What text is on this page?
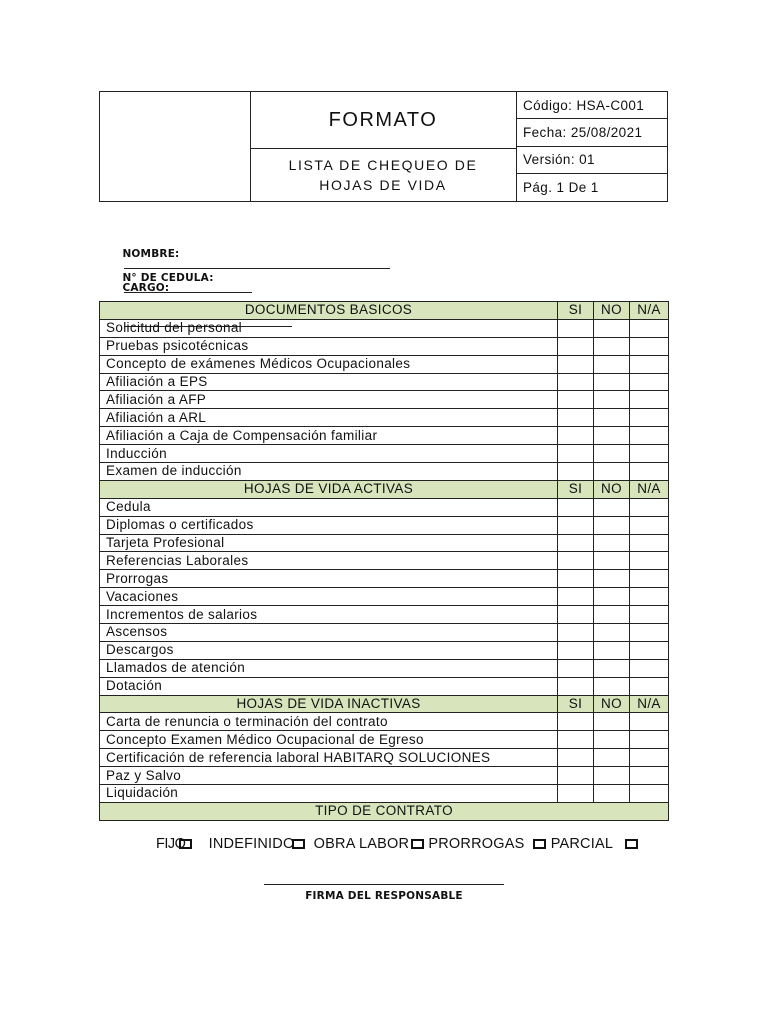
FORMATO
LISTA DE CHEQUEO DE
HOJAS DE VIDA
Código: HSA-C001
Fecha: 25/08/2021
Versión: 01
Pág. 1 De 1

NOMBRE:

N° DE CEDULA:

CARGO:

DOCUMENTOS BASICOS	SI	NO	N/A
Solicitud del personal			
Pruebas psicotécnicas			
Concepto de exámenes Médicos Ocupacionales			
Afiliación a EPS			
Afiliación a AFP			
Afiliación a ARL			
Afiliación a Caja de Compensación familiar			
Inducción			
Examen de inducción			
HOJAS DE VIDA ACTIVAS	SI	NO	N/A
Cedula			
Diplomas o certificados			
Tarjeta Profesional			
Referencias Laborales			
Prorrogas			
Vacaciones			
Incrementos de salarios			
Ascensos			
Descargos			
Llamados de atención			
Dotación			
HOJAS DE VIDA INACTIVAS	SI	NO	N/A
Carta de renuncia o terminación del contrato			
Concepto Examen Médico Ocupacional de Egreso			
Certificación de referencia laboral HABITARQ SOLUCIONES			
Paz y Salvo			
Liquidación			
TIPO DE CONTRATO			
FIJO
INDEFINIDO
OBRA LABOR
PRORROGAS
PARCIAL
FIRMA DEL RESPONSABLE
